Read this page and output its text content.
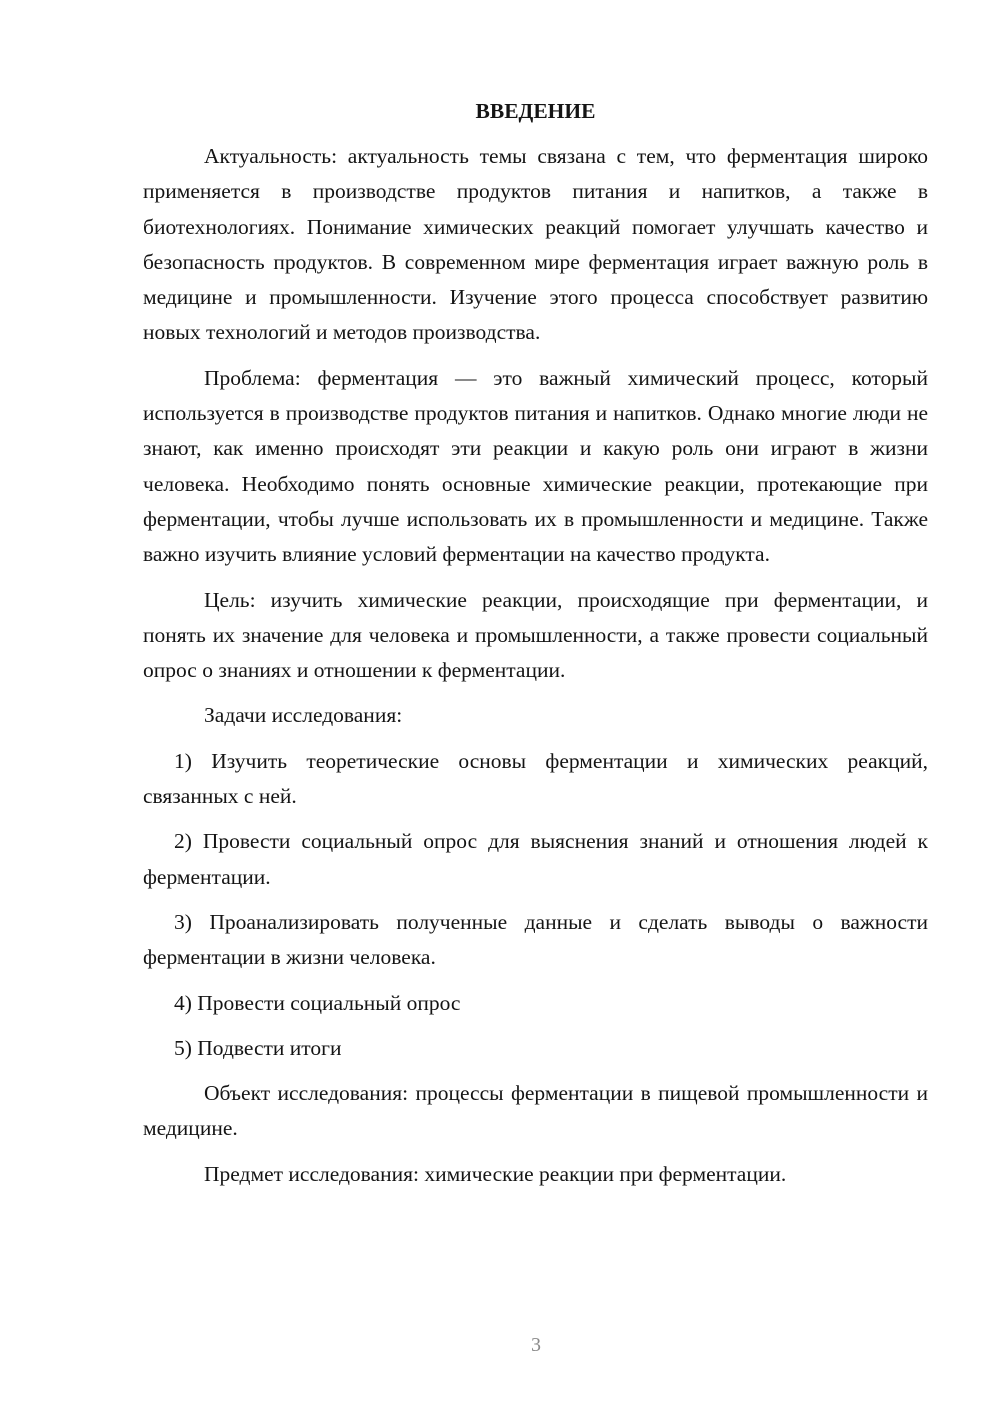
ВВЕДЕНИЕ

Актуальность: актуальность темы связана с тем, что ферментация широко применяется в производстве продуктов питания и напитков, а также в биотехнологиях. Понимание химических реакций помогает улучшать качество и безопасность продуктов. В современном мире ферментация играет важную роль в медицине и промышленности. Изучение этого процесса способствует развитию новых технологий и методов производства.

Проблема: ферментация — это важный химический процесс, который используется в производстве продуктов питания и напитков. Однако многие люди не знают, как именно происходят эти реакции и какую роль они играют в жизни человека. Необходимо понять основные химические реакции, протекающие при ферментации, чтобы лучше использовать их в промышленности и медицине. Также важно изучить влияние условий ферментации на качество продукта.

Цель: изучить химические реакции, происходящие при ферментации, и понять их значение для человека и промышленности, а также провести социальный опрос о знаниях и отношении к ферментации.

Задачи исследования:

1) Изучить теоретические основы ферментации и химических реакций, связанных с ней.

2) Провести социальный опрос для выяснения знаний и отношения людей к ферментации.

3) Проанализировать полученные данные и сделать выводы о важности ферментации в жизни человека.

4) Провести социальный опрос

5) Подвести итоги

Объект исследования: процессы ферментации в пищевой промышленности и медицине.

Предмет исследования: химические реакции при ферментации.

3
